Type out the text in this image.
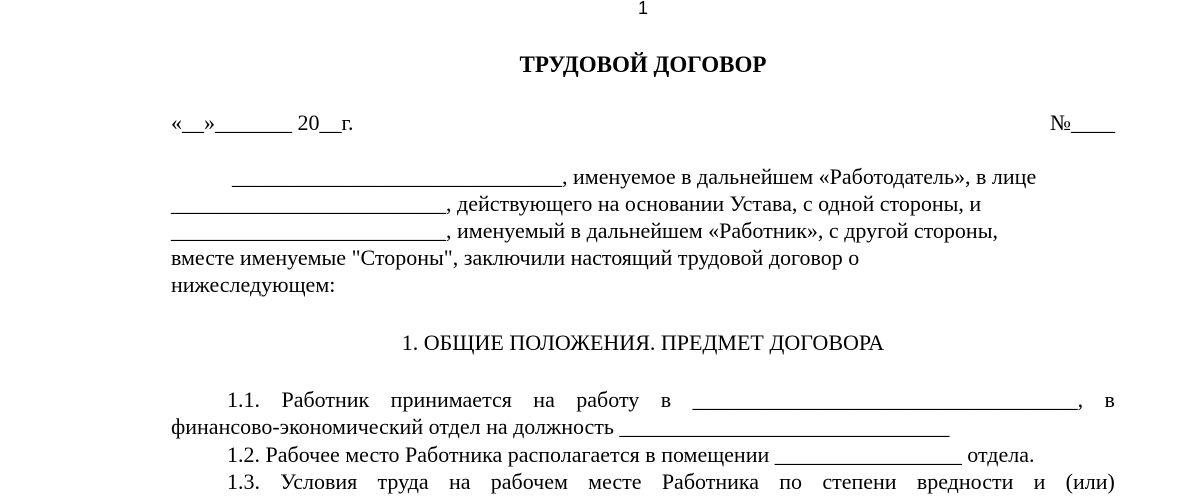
1
ТРУДОВОЙ ДОГОВОР
«__»_______ 20__г.	№____
______________________________, именуемое в дальнейшем «Работодатель», в лице
_________________________, действующего на основании Устава, с одной стороны, и
_________________________, именуемый в дальнейшем «Работник», с другой стороны,
вместе именуемые "Стороны", заключили настоящий трудовой договор о
нижеследующем:
1. ОБЩИЕ ПОЛОЖЕНИЯ. ПРЕДМЕТ ДОГОВОРА
1.1. Работник принимается на работу в ___________________________________, в
финансово-экономический отдел на должность ______________________________
1.2. Рабочее место Работника располагается в помещении _________________ отдела.
1.3. Условия труда на рабочем месте Работника по степени вредности и (или)
